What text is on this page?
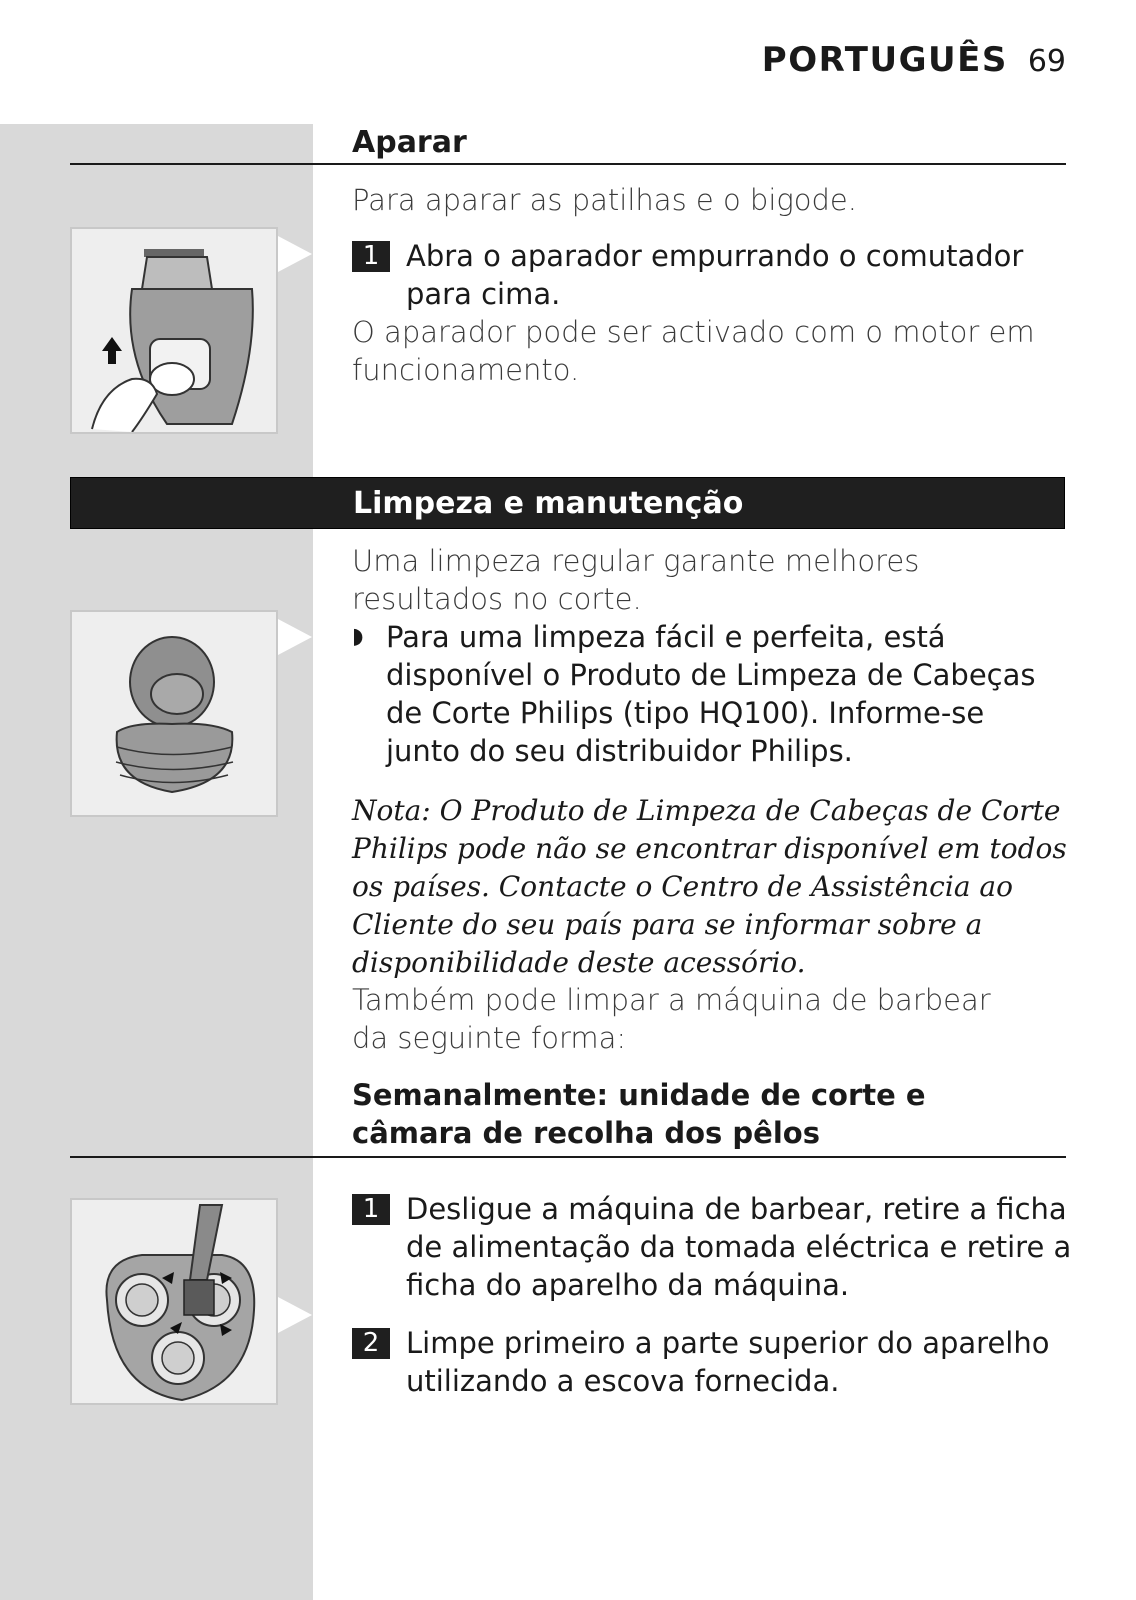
PORTUGUÊS 69
Aparar
Para aparar as patilhas e o bigode.
1 Abra o aparador empurrando o comutador para cima.
O aparador pode ser activado com o motor em funcionamento.
Limpeza e manutenção
Uma limpeza regular garante melhores resultados no corte.
◗ Para uma limpeza fácil e perfeita, está disponível o Produto de Limpeza de Cabeças de Corte Philips (tipo HQ100). Informe-se junto do seu distribuidor Philips.
Nota: O Produto de Limpeza de Cabeças de Corte Philips pode não se encontrar disponível em todos os países. Contacte o Centro de Assistência ao Cliente do seu país para se informar sobre a disponibilidade deste acessório.
Também pode limpar a máquina de barbear da seguinte forma:
Semanalmente: unidade de corte e câmara de recolha dos pêlos
1 Desligue a máquina de barbear, retire a ficha de alimentação da tomada eléctrica e retire a ficha do aparelho da máquina.
2 Limpe primeiro a parte superior do aparelho utilizando a escova fornecida.
